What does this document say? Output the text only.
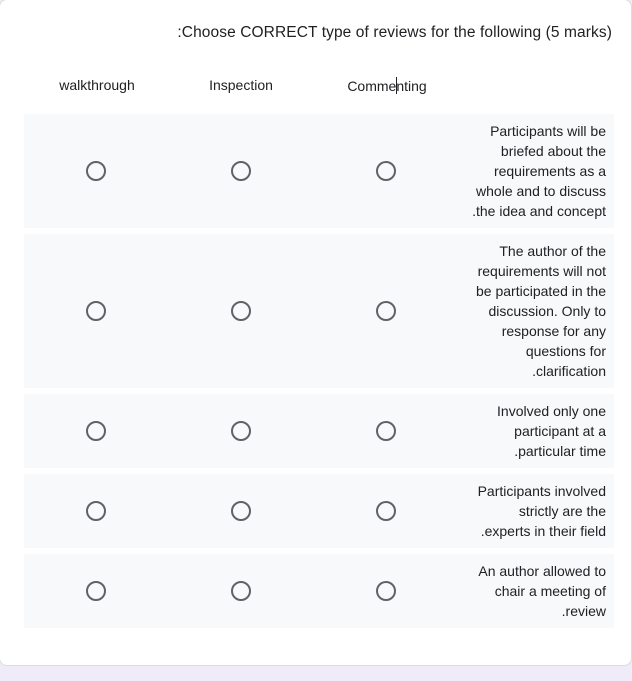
:Choose CORRECT type of reviews for the following (5 marks)
walkthrough	Inspection	Commenting
Participants will be
briefed about the
requirements as a
whole and to discuss
.the idea and concept
The author of the
requirements will not
be participated in the
discussion. Only to
response for any
questions for
.clarification
Involved only one
participant at a
.particular time
Participants involved
strictly are the
.experts in their field
An author allowed to
chair a meeting of
.review
